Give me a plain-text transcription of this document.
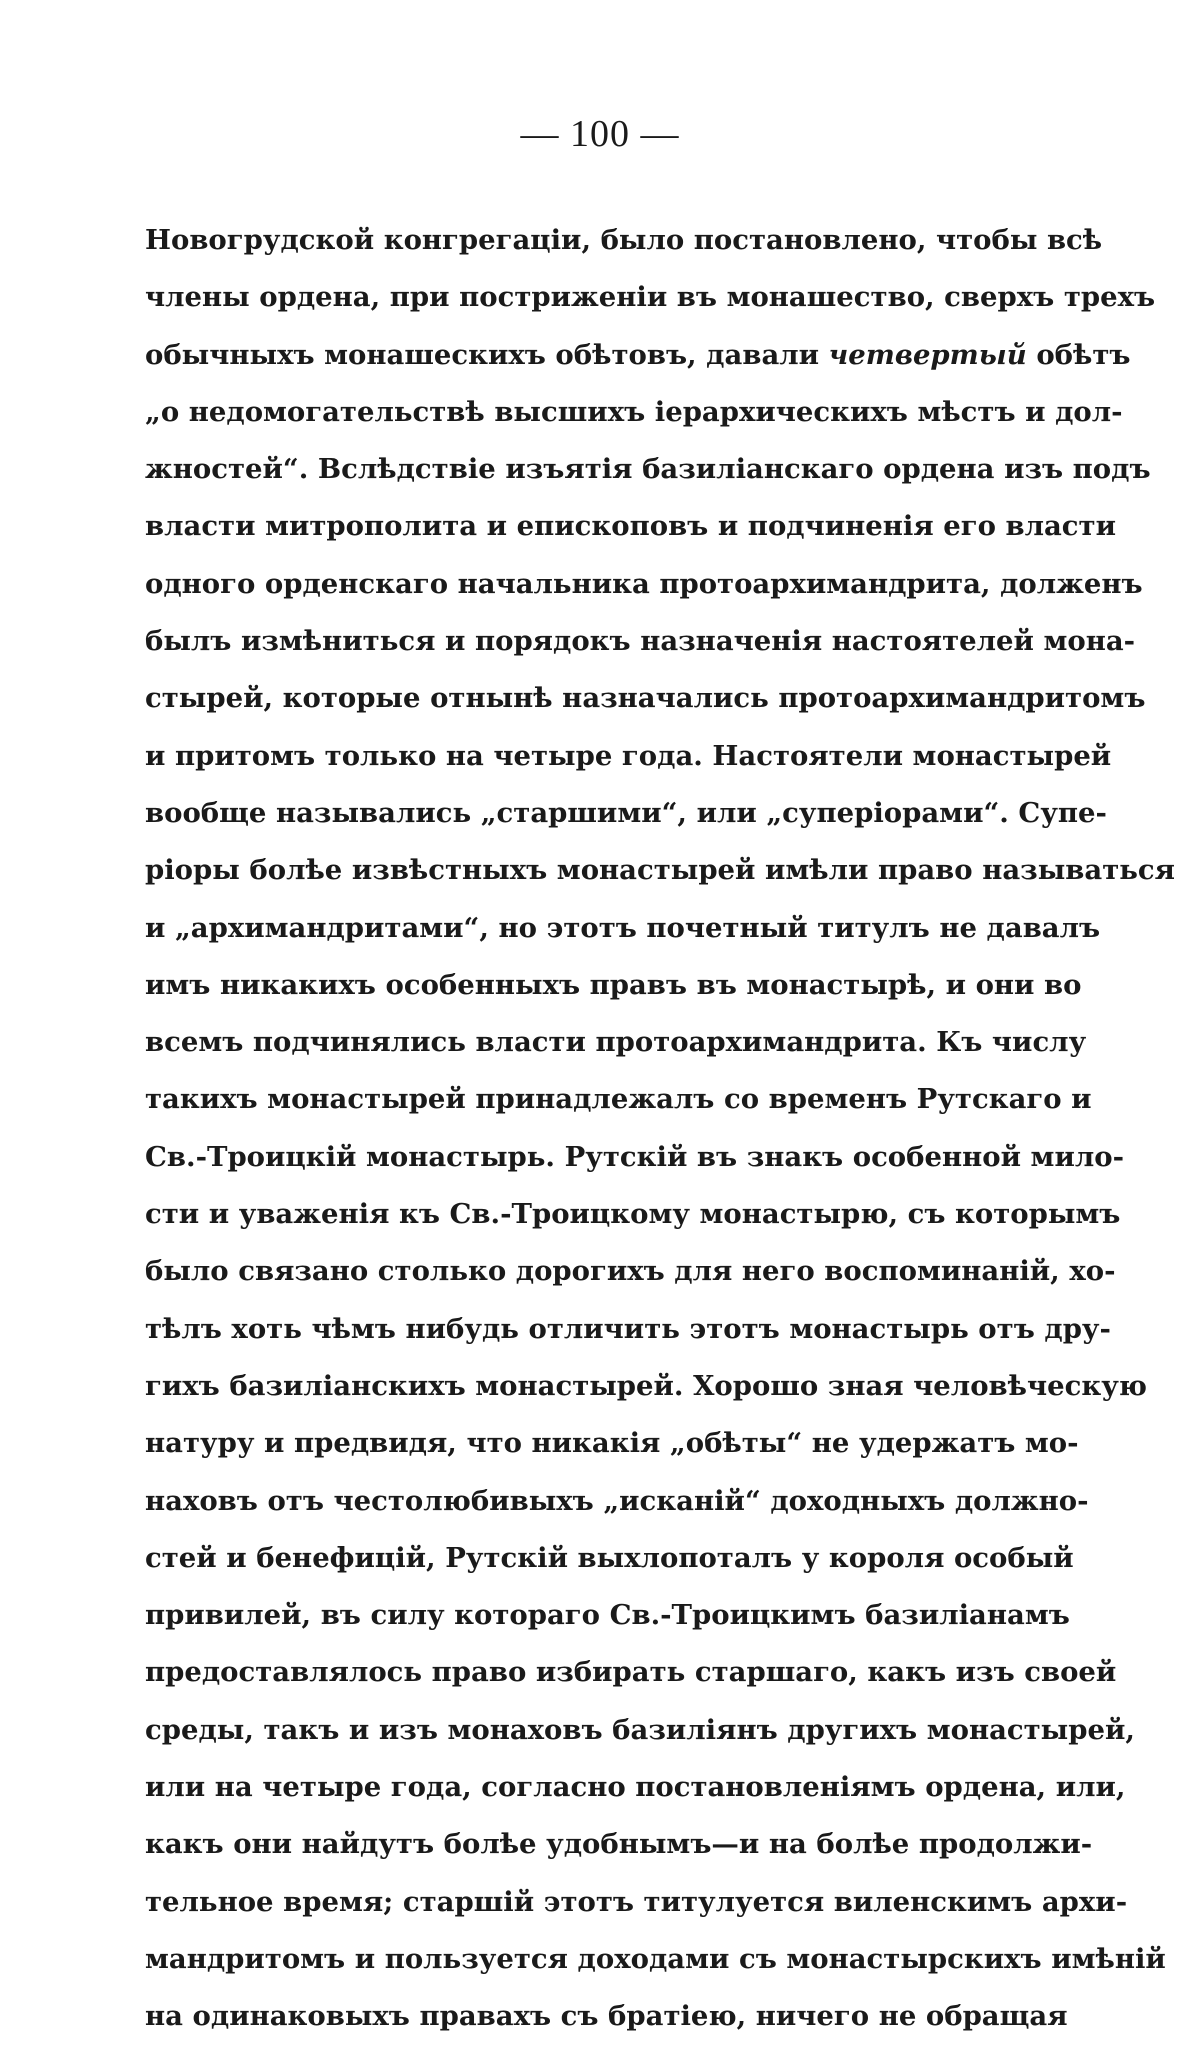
— 100 —
Новогрудской конгрегаціи, было постановлено, чтобы всѣ
члены ордена, при постриженіи въ монашество, сверхъ трехъ
обычныхъ монашескихъ обѣтовъ, давали четвертый обѣтъ
„о недомогательствѣ высшихъ іерархическихъ мѣстъ и дол-
жностей“. Вслѣдствіе изъятія базиліанскаго ордена изъ подъ
власти митрополита и епископовъ и подчиненія его власти
одного орденскаго начальника протоархимандрита, долженъ
былъ измѣниться и порядокъ назначенія настоятелей мона-
стырей, которые отнынѣ назначались протоархимандритомъ
и притомъ только на четыре года. Настоятели монастырей
вообще назывались „старшими“, или „суперіорами“. Супе-
ріоры болѣе извѣстныхъ монастырей имѣли право называться
и „архимандритами“, но этотъ почетный титулъ не давалъ
имъ никакихъ особенныхъ правъ въ монастырѣ, и они во
всемъ подчинялись власти протоархимандрита. Къ числу
такихъ монастырей принадлежалъ со временъ Рутскаго и
Св.-Троицкій монастырь. Рутскій въ знакъ особенной мило-
сти и уваженія къ Св.-Троицкому монастырю, съ которымъ
было связано столько дорогихъ для него воспоминаній, хо-
тѣлъ хоть чѣмъ нибудь отличить этотъ монастырь отъ дру-
гихъ базиліанскихъ монастырей. Хорошо зная человѣческую
натуру и предвидя, что никакія „обѣты“ не удержатъ мо-
наховъ отъ честолюбивыхъ „исканій“ доходныхъ должно-
стей и бенефицій, Рутскій выхлопоталъ у короля особый
привилей, въ силу котораго Св.-Троицкимъ базиліанамъ
предоставлялось право избирать старшаго, какъ изъ своей
среды, такъ и изъ монаховъ базиліянъ другихъ монастырей,
или на четыре года, согласно постановленіямъ ордена, или,
какъ они найдутъ болѣе удобнымъ—и на болѣе продолжи-
тельное время; старшій этотъ титулуется виленскимъ архи-
мандритомъ и пользуется доходами съ монастырскихъ имѣній
на одинаковыхъ правахъ съ братіею, ничего не обращая
